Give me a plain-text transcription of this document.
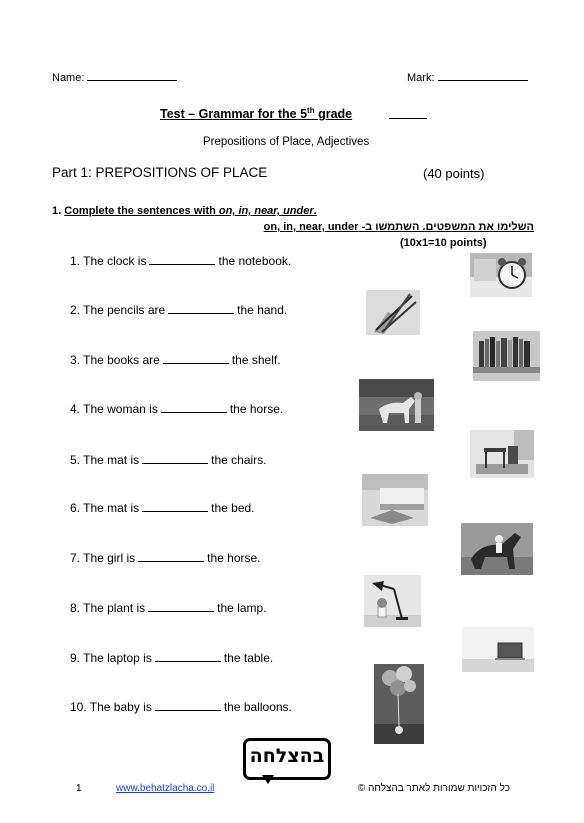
Name:	Mark:
Test – Grammar for the 5th grade
Prepositions of Place, Adjectives
Part 1: PREPOSITIONS OF PLACE	(40 points)
1. Complete the sentences with on, in, near, under.
השלימו את המשפטים. השתמשו ב- on, in, near, under
(10x1=10 points)
1. The clock is	the notebook.
2. The pencils are	the hand.
3. The books are	the shelf.
4. The woman is	the horse.
5. The mat is	the chairs.
6. The mat is	the bed.
7. The girl is	the horse.
8. The plant is	the lamp.
9. The laptop is	the table.
10. The baby is	the balloons.
בהצלחה
1	www.behatzlacha.co.il	כל הזכויות שמורות לאתר בהצלחה ©
